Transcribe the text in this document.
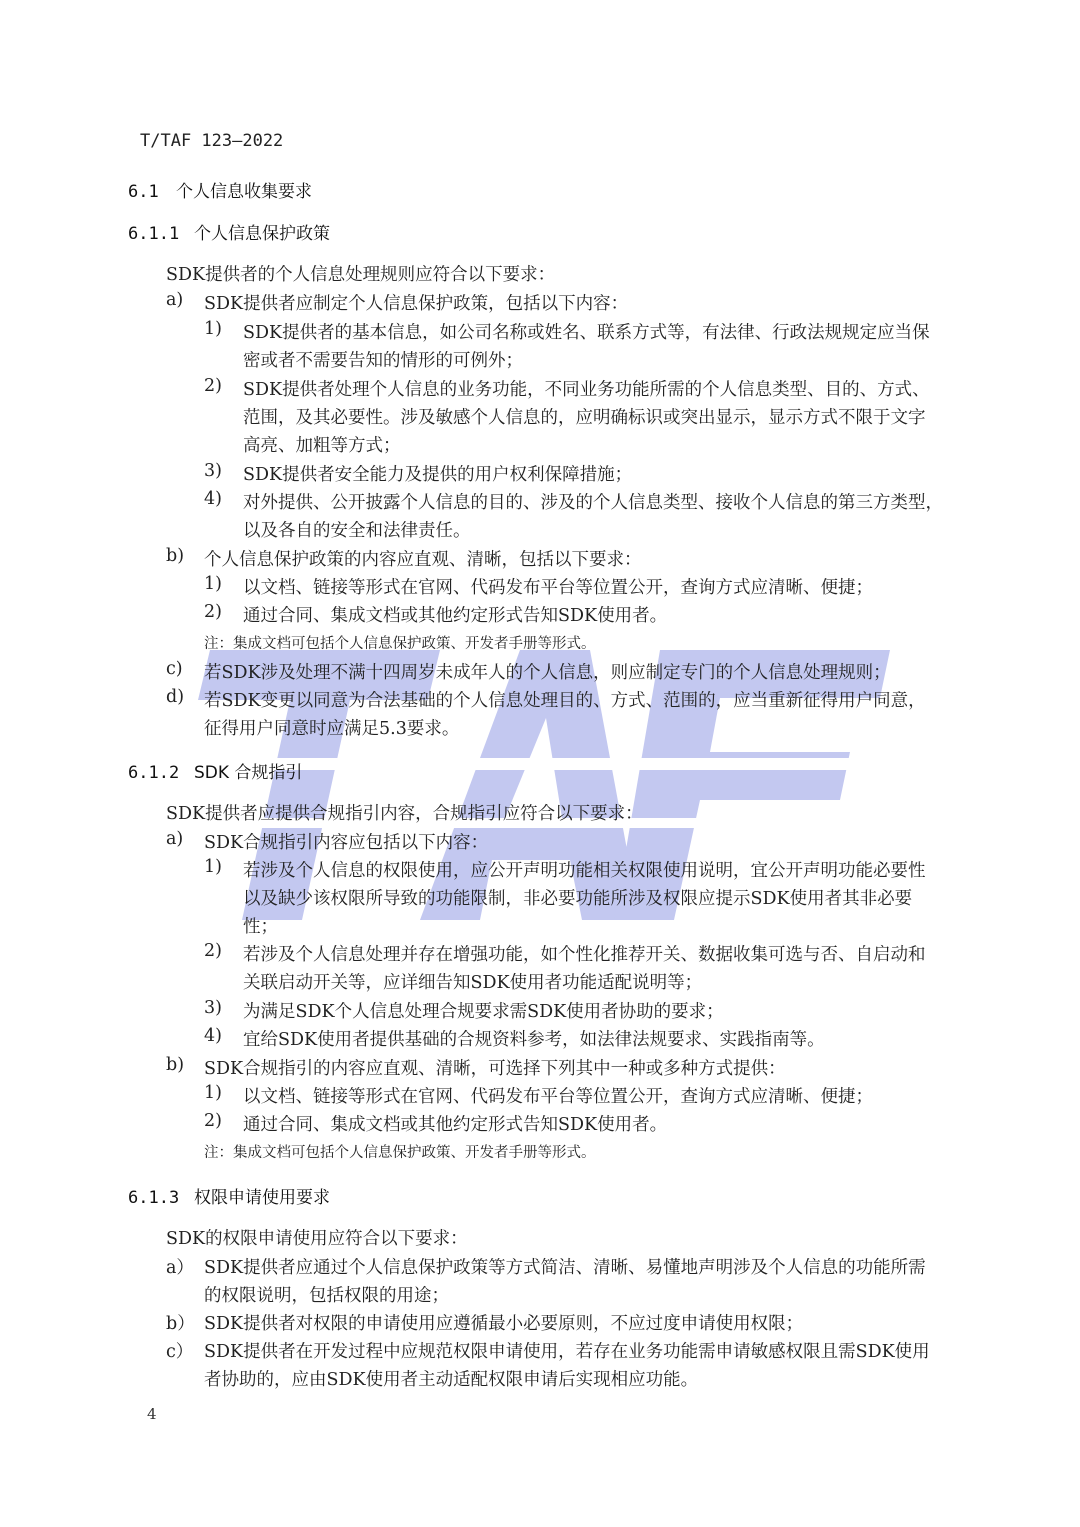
T/TAF 123—2022
6.1 个人信息收集要求
6.1.1 个人信息保护政策
SDK提供者的个人信息处理规则应符合以下要求：
a) SDK提供者应制定个人信息保护政策，包括以下内容：
1) SDK提供者的基本信息，如公司名称或姓名、联系方式等，有法律、行政法规规定应当保
密或者不需要告知的情形的可例外；
2) SDK提供者处理个人信息的业务功能，不同业务功能所需的个人信息类型、目的、方式、
范围，及其必要性。涉及敏感个人信息的，应明确标识或突出显示，显示方式不限于文字
高亮、加粗等方式；
3) SDK提供者安全能力及提供的用户权利保障措施；
4) 对外提供、公开披露个人信息的目的、涉及的个人信息类型、接收个人信息的第三方类型，
以及各自的安全和法律责任。
b) 个人信息保护政策的内容应直观、清晰，包括以下要求：
1) 以文档、链接等形式在官网、代码发布平台等位置公开，查询方式应清晰、便捷；
2) 通过合同、集成文档或其他约定形式告知SDK使用者。
注：集成文档可包括个人信息保护政策、开发者手册等形式。
c) 若SDK涉及处理不满十四周岁未成年人的个人信息，则应制定专门的个人信息处理规则；
d) 若SDK变更以同意为合法基础的个人信息处理目的、方式、范围的，应当重新征得用户同意，
征得用户同意时应满足5.3要求。
6.1.2 SDK 合规指引
SDK提供者应提供合规指引内容，合规指引应符合以下要求：
a) SDK合规指引内容应包括以下内容：
1) 若涉及个人信息的权限使用，应公开声明功能相关权限使用说明，宜公开声明功能必要性
以及缺少该权限所导致的功能限制，非必要功能所涉及权限应提示SDK使用者其非必要
性；
2) 若涉及个人信息处理并存在增强功能，如个性化推荐开关、数据收集可选与否、自启动和
关联启动开关等，应详细告知SDK使用者功能适配说明等；
3) 为满足SDK个人信息处理合规要求需SDK使用者协助的要求；
4) 宜给SDK使用者提供基础的合规资料参考，如法律法规要求、实践指南等。
b) SDK合规指引的内容应直观、清晰，可选择下列其中一种或多种方式提供：
1) 以文档、链接等形式在官网、代码发布平台等位置公开，查询方式应清晰、便捷；
2) 通过合同、集成文档或其他约定形式告知SDK使用者。
注：集成文档可包括个人信息保护政策、开发者手册等形式。
6.1.3 权限申请使用要求
SDK的权限申请使用应符合以下要求：
a） SDK提供者应通过个人信息保护政策等方式简洁、清晰、易懂地声明涉及个人信息的功能所需
的权限说明，包括权限的用途；
b） SDK提供者对权限的申请使用应遵循最小必要原则，不应过度申请使用权限；
c） SDK提供者在开发过程中应规范权限申请使用，若存在业务功能需申请敏感权限且需SDK使用
者协助的，应由SDK使用者主动适配权限申请后实现相应功能。
4
